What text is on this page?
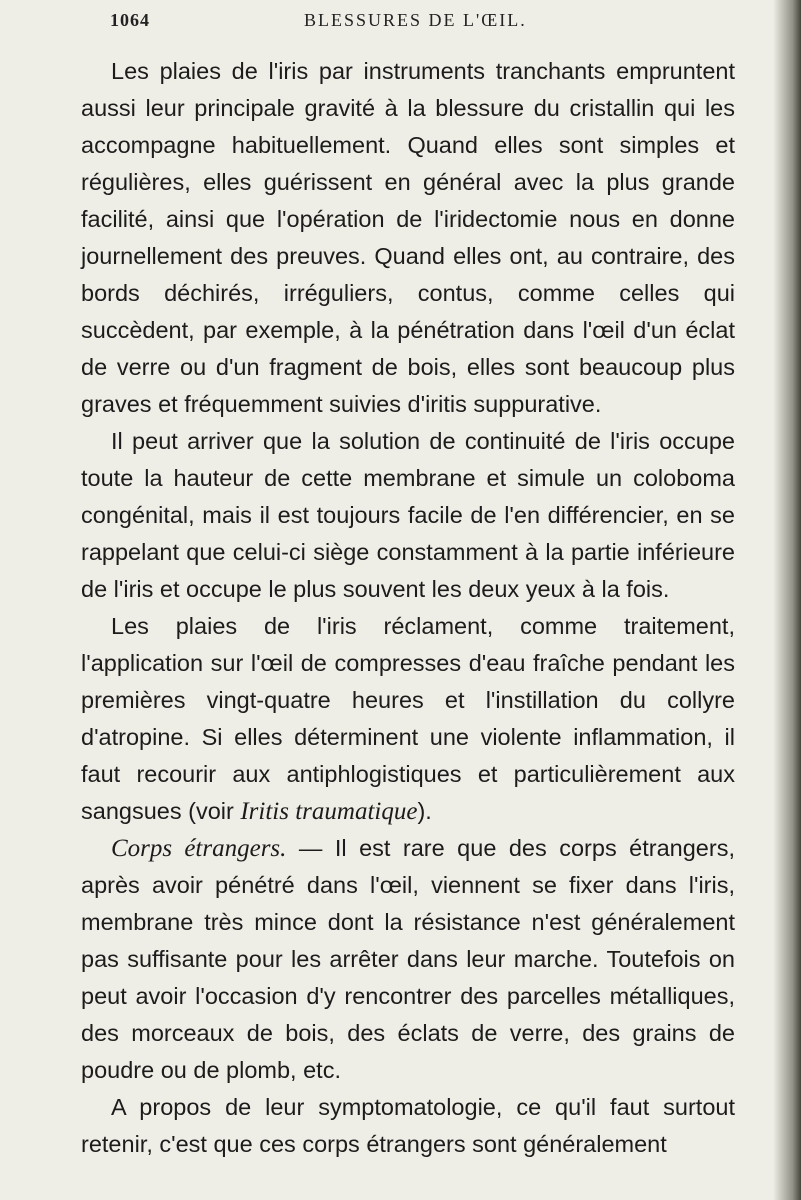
1064	BLESSURES DE L'ŒIL.

Les plaies de l'iris par instruments tranchants empruntent aussi leur principale gravité à la blessure du cristallin qui les accompagne habituellement. Quand elles sont simples et régulières, elles guérissent en général avec la plus grande facilité, ainsi que l'opération de l'iridectomie nous en donne journellement des preuves. Quand elles ont, au contraire, des bords déchirés, irréguliers, contus, comme celles qui succèdent, par exemple, à la pénétration dans l'œil d'un éclat de verre ou d'un fragment de bois, elles sont beaucoup plus graves et fréquemment suivies d'iritis suppurative.

Il peut arriver que la solution de continuité de l'iris occupe toute la hauteur de cette membrane et simule un coloboma congénital, mais il est toujours facile de l'en différencier, en se rappelant que celui-ci siège constamment à la partie inférieure de l'iris et occupe le plus souvent les deux yeux à la fois.

Les plaies de l'iris réclament, comme traitement, l'application sur l'œil de compresses d'eau fraîche pendant les premières vingt-quatre heures et l'instillation du collyre d'atropine. Si elles déterminent une violente inflammation, il faut recourir aux antiphlogistiques et particulièrement aux sangsues (voir Iritis traumatique).

Corps étrangers. — Il est rare que des corps étrangers, après avoir pénétré dans l'œil, viennent se fixer dans l'iris, membrane très mince dont la résistance n'est généralement pas suffisante pour les arrêter dans leur marche. Toutefois on peut avoir l'occasion d'y rencontrer des parcelles métalliques, des morceaux de bois, des éclats de verre, des grains de poudre ou de plomb, etc.

A propos de leur symptomatologie, ce qu'il faut surtout retenir, c'est que ces corps étrangers sont généralement
